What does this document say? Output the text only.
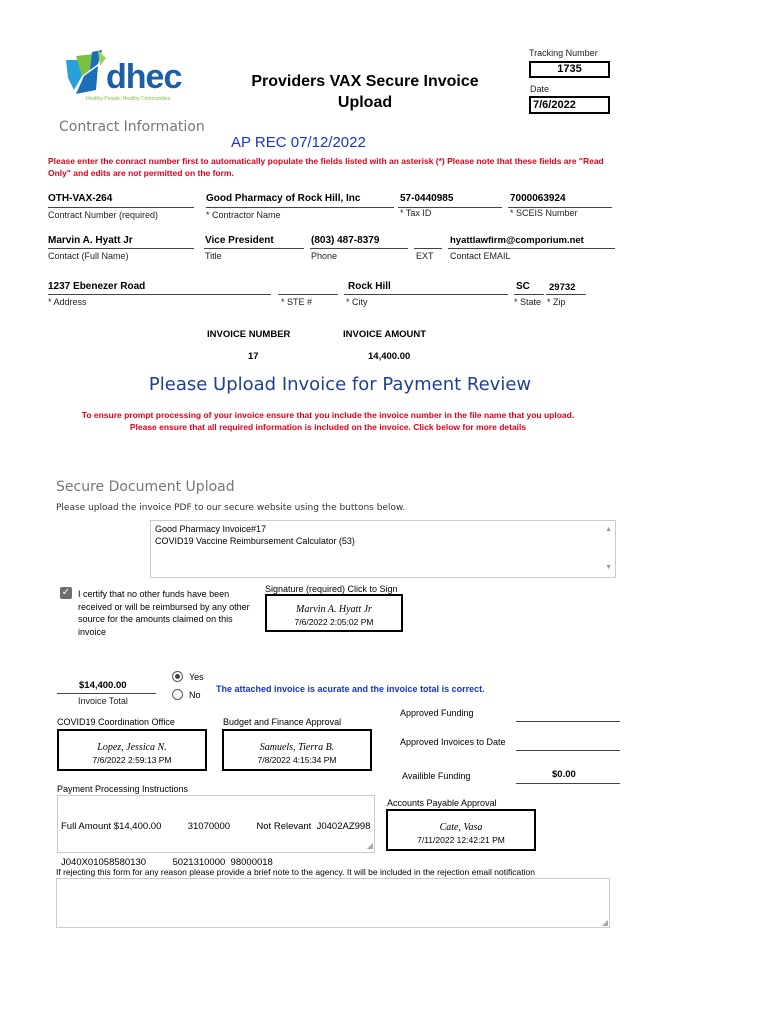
dhec
Healthy People. Healthy Communities.
Providers VAX Secure Invoice
Upload
Tracking Number
1735
Date
7/6/2022
Contract Information
AP REC 07/12/2022
Please enter the conract number first to automatically populate the fields listed with an asterisk (*) Please note that these fields are "Read Only" and edits are not permitted on the form.
OTH-VAX-264
Contract Number (required)
Good Pharmacy of Rock Hill, Inc
* Contractor Name
57-0440985
* Tax ID
7000063924
* SCEIS Number
Marvin A. Hyatt Jr
Contact (Full Name)
Vice President
Title
(803) 487-8379
Phone	EXT
hyattlawfirm@comporium.net
Contact EMAIL
1237 Ebenezer Road
* Address	* STE #
Rock Hill
* City
SC
* State
29732
* Zip
INVOICE NUMBER
17
INVOICE AMOUNT
14,400.00
Please Upload Invoice for Payment Review
To ensure prompt processing of your invoice ensure that you include the invoice number in the file name that you upload.
Please ensure that all required information is included on the invoice. Click below for more details
Secure Document Upload
Please upload the invoice PDF to our secure website using the buttons below.
Good Pharmacy Invoice#17
COVID19 Vaccine Reimbursement Calculator (53)
▲
▼
✓ I certify that no other funds have been received or will be reimbursed by any other source for the amounts claimed on this invoice
Signature (required) Click to Sign
Marvin A. Hyatt Jr
7/6/2022 2:05:02 PM
$14,400.00
Invoice Total
Yes
No
The attached invoice is acurate and the invoice total is correct.
COVID19 Coordination Office
Lopez, Jessica N.
7/6/2022 2:59:13 PM
Budget and Finance Approval
Samuels, Tierra B.
7/8/2022 4:15:34 PM
Approved Funding
Approved Invoices to Date
Availible Funding	$0.00
Payment Processing Instructions

Full Amount $14,400.00          31070000          Not Relevant  J0402AZ998

J040X01058580130          5021310000  98000018

◢

Accounts Payable Approval
Cate, Vasa
7/11/2022 12:42:21 PM
If rejecting this form for any reason please provide a brief note to the agency. It will be included in the rejection email notification
◢
